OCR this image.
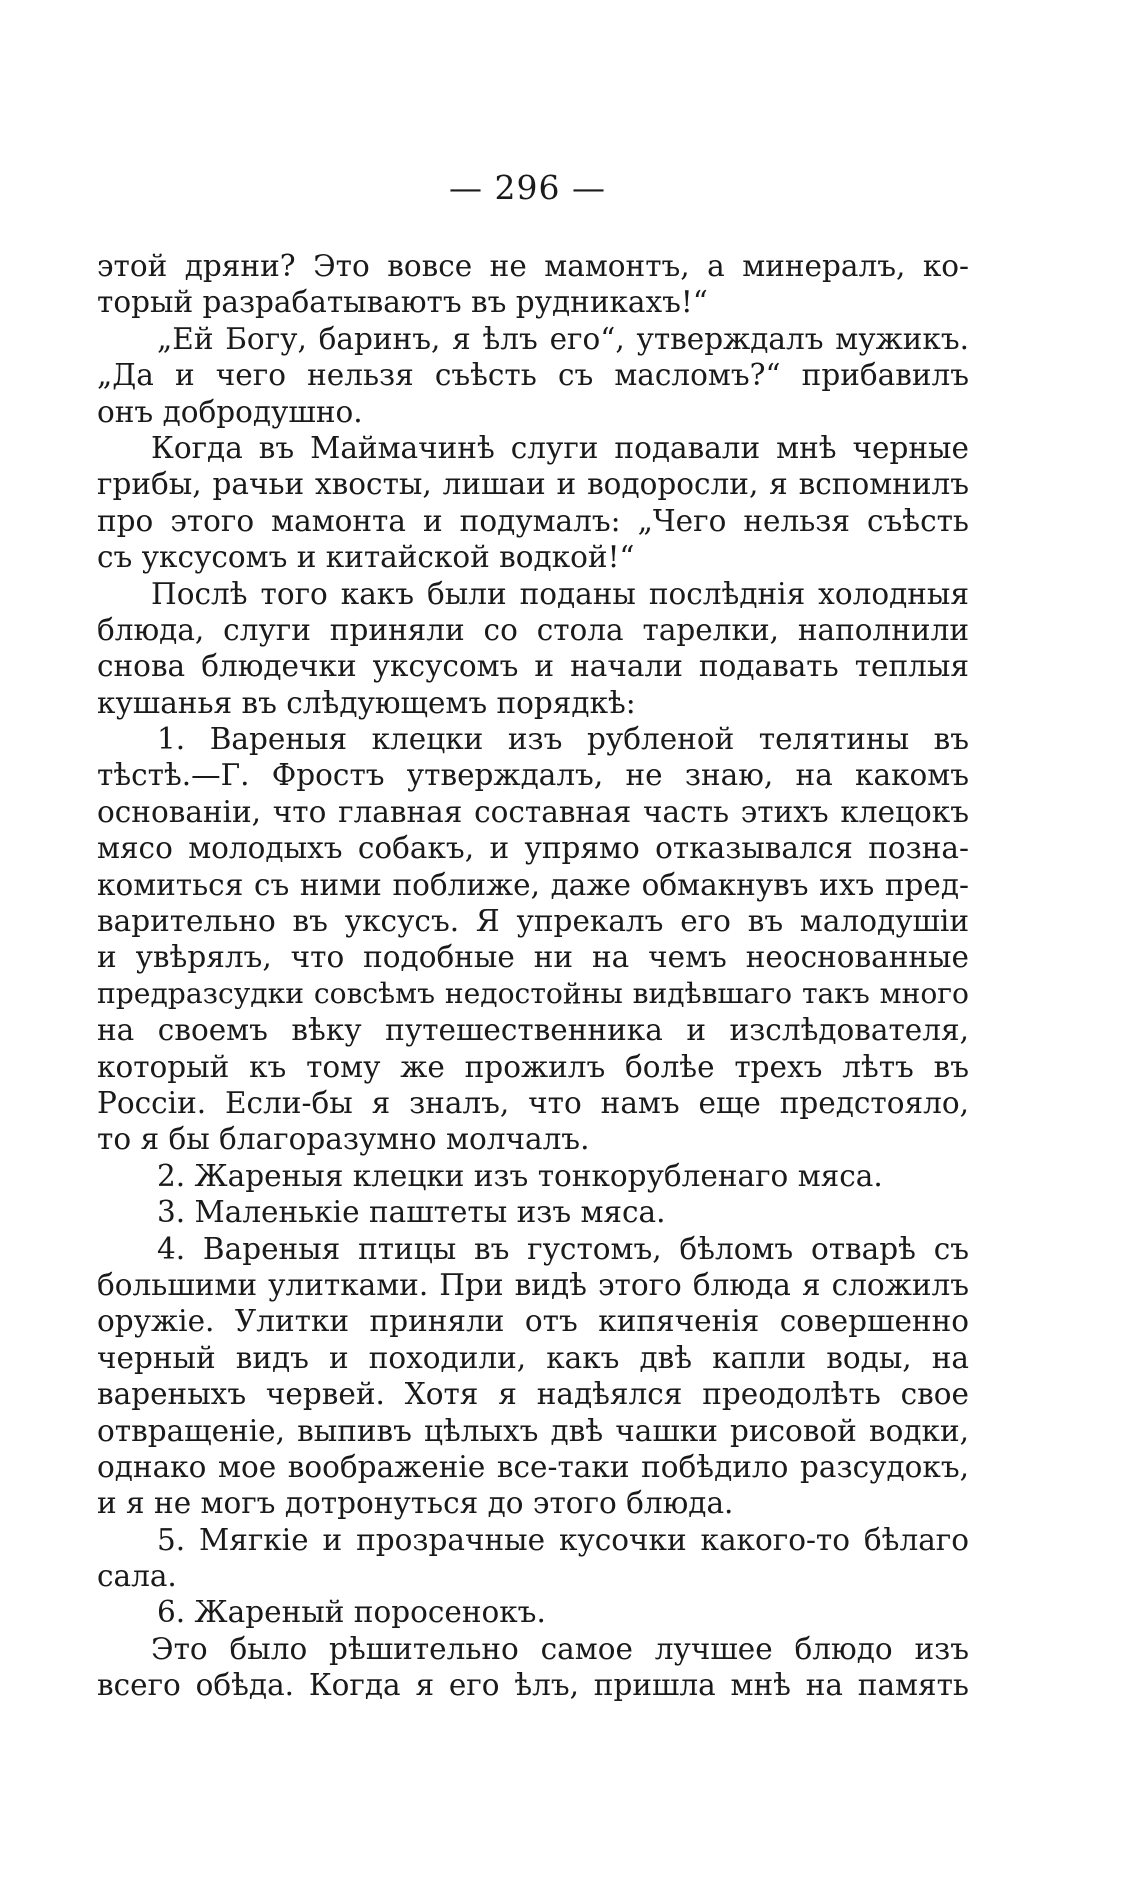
— 296 —
этой дряни? Это вовсе не мамонтъ, а минералъ, ко-
торый разрабатываютъ въ рудникахъ!“
„Ей Богу, баринъ, я ѣлъ его“, утверждалъ мужикъ.
„Да и чего нельзя съѣсть съ масломъ?“ прибавилъ
онъ добродушно.
Когда въ Маймачинѣ слуги подавали мнѣ черные
грибы, рачьи хвосты, лишаи и водоросли, я вспомнилъ
про этого мамонта и подумалъ: „Чего нельзя съѣсть
съ уксусомъ и китайской водкой!“
Послѣ того какъ были поданы послѣднія холодныя
блюда, слуги приняли со стола тарелки, наполнили
снова блюдечки уксусомъ и начали подавать теплыя
кушанья въ слѣдующемъ порядкѣ:
1. Вареныя клецки изъ рубленой телятины въ
тѣстѣ.—Г. Фростъ утверждалъ, не знаю, на какомъ
основаніи, что главная составная часть этихъ клецокъ
мясо молодыхъ собакъ, и упрямо отказывался позна-
комиться съ ними поближе, даже обмакнувъ ихъ пред-
варительно въ уксусъ. Я упрекалъ его въ малодушіи
и увѣрялъ, что подобные ни на чемъ неоснованные
предразсудки совсѣмъ недостойны видѣвшаго такъ много
на своемъ вѣку путешественника и изслѣдователя,
который къ тому же прожилъ болѣе трехъ лѣтъ въ
Россіи. Если-бы я зналъ, что намъ еще предстояло,
то я бы благоразумно молчалъ.
2. Жареныя клецки изъ тонкорубленаго мяса.
3. Маленькіе паштеты изъ мяса.
4. Вареныя птицы въ густомъ, бѣломъ отварѣ съ
большими улитками. При видѣ этого блюда я сложилъ
оружіе. Улитки приняли отъ кипяченія совершенно
черный видъ и походили, какъ двѣ капли воды, на
вареныхъ червей. Хотя я надѣялся преодолѣть свое
отвращеніе, выпивъ цѣлыхъ двѣ чашки рисовой водки,
однако мое воображеніе все-таки побѣдило разсудокъ,
и я не могъ дотронуться до этого блюда.
5. Мягкіе и прозрачные кусочки какого-то бѣлаго
сала.
6. Жареный поросенокъ.
Это было рѣшительно самое лучшее блюдо изъ
всего обѣда. Когда я его ѣлъ, пришла мнѣ на память
